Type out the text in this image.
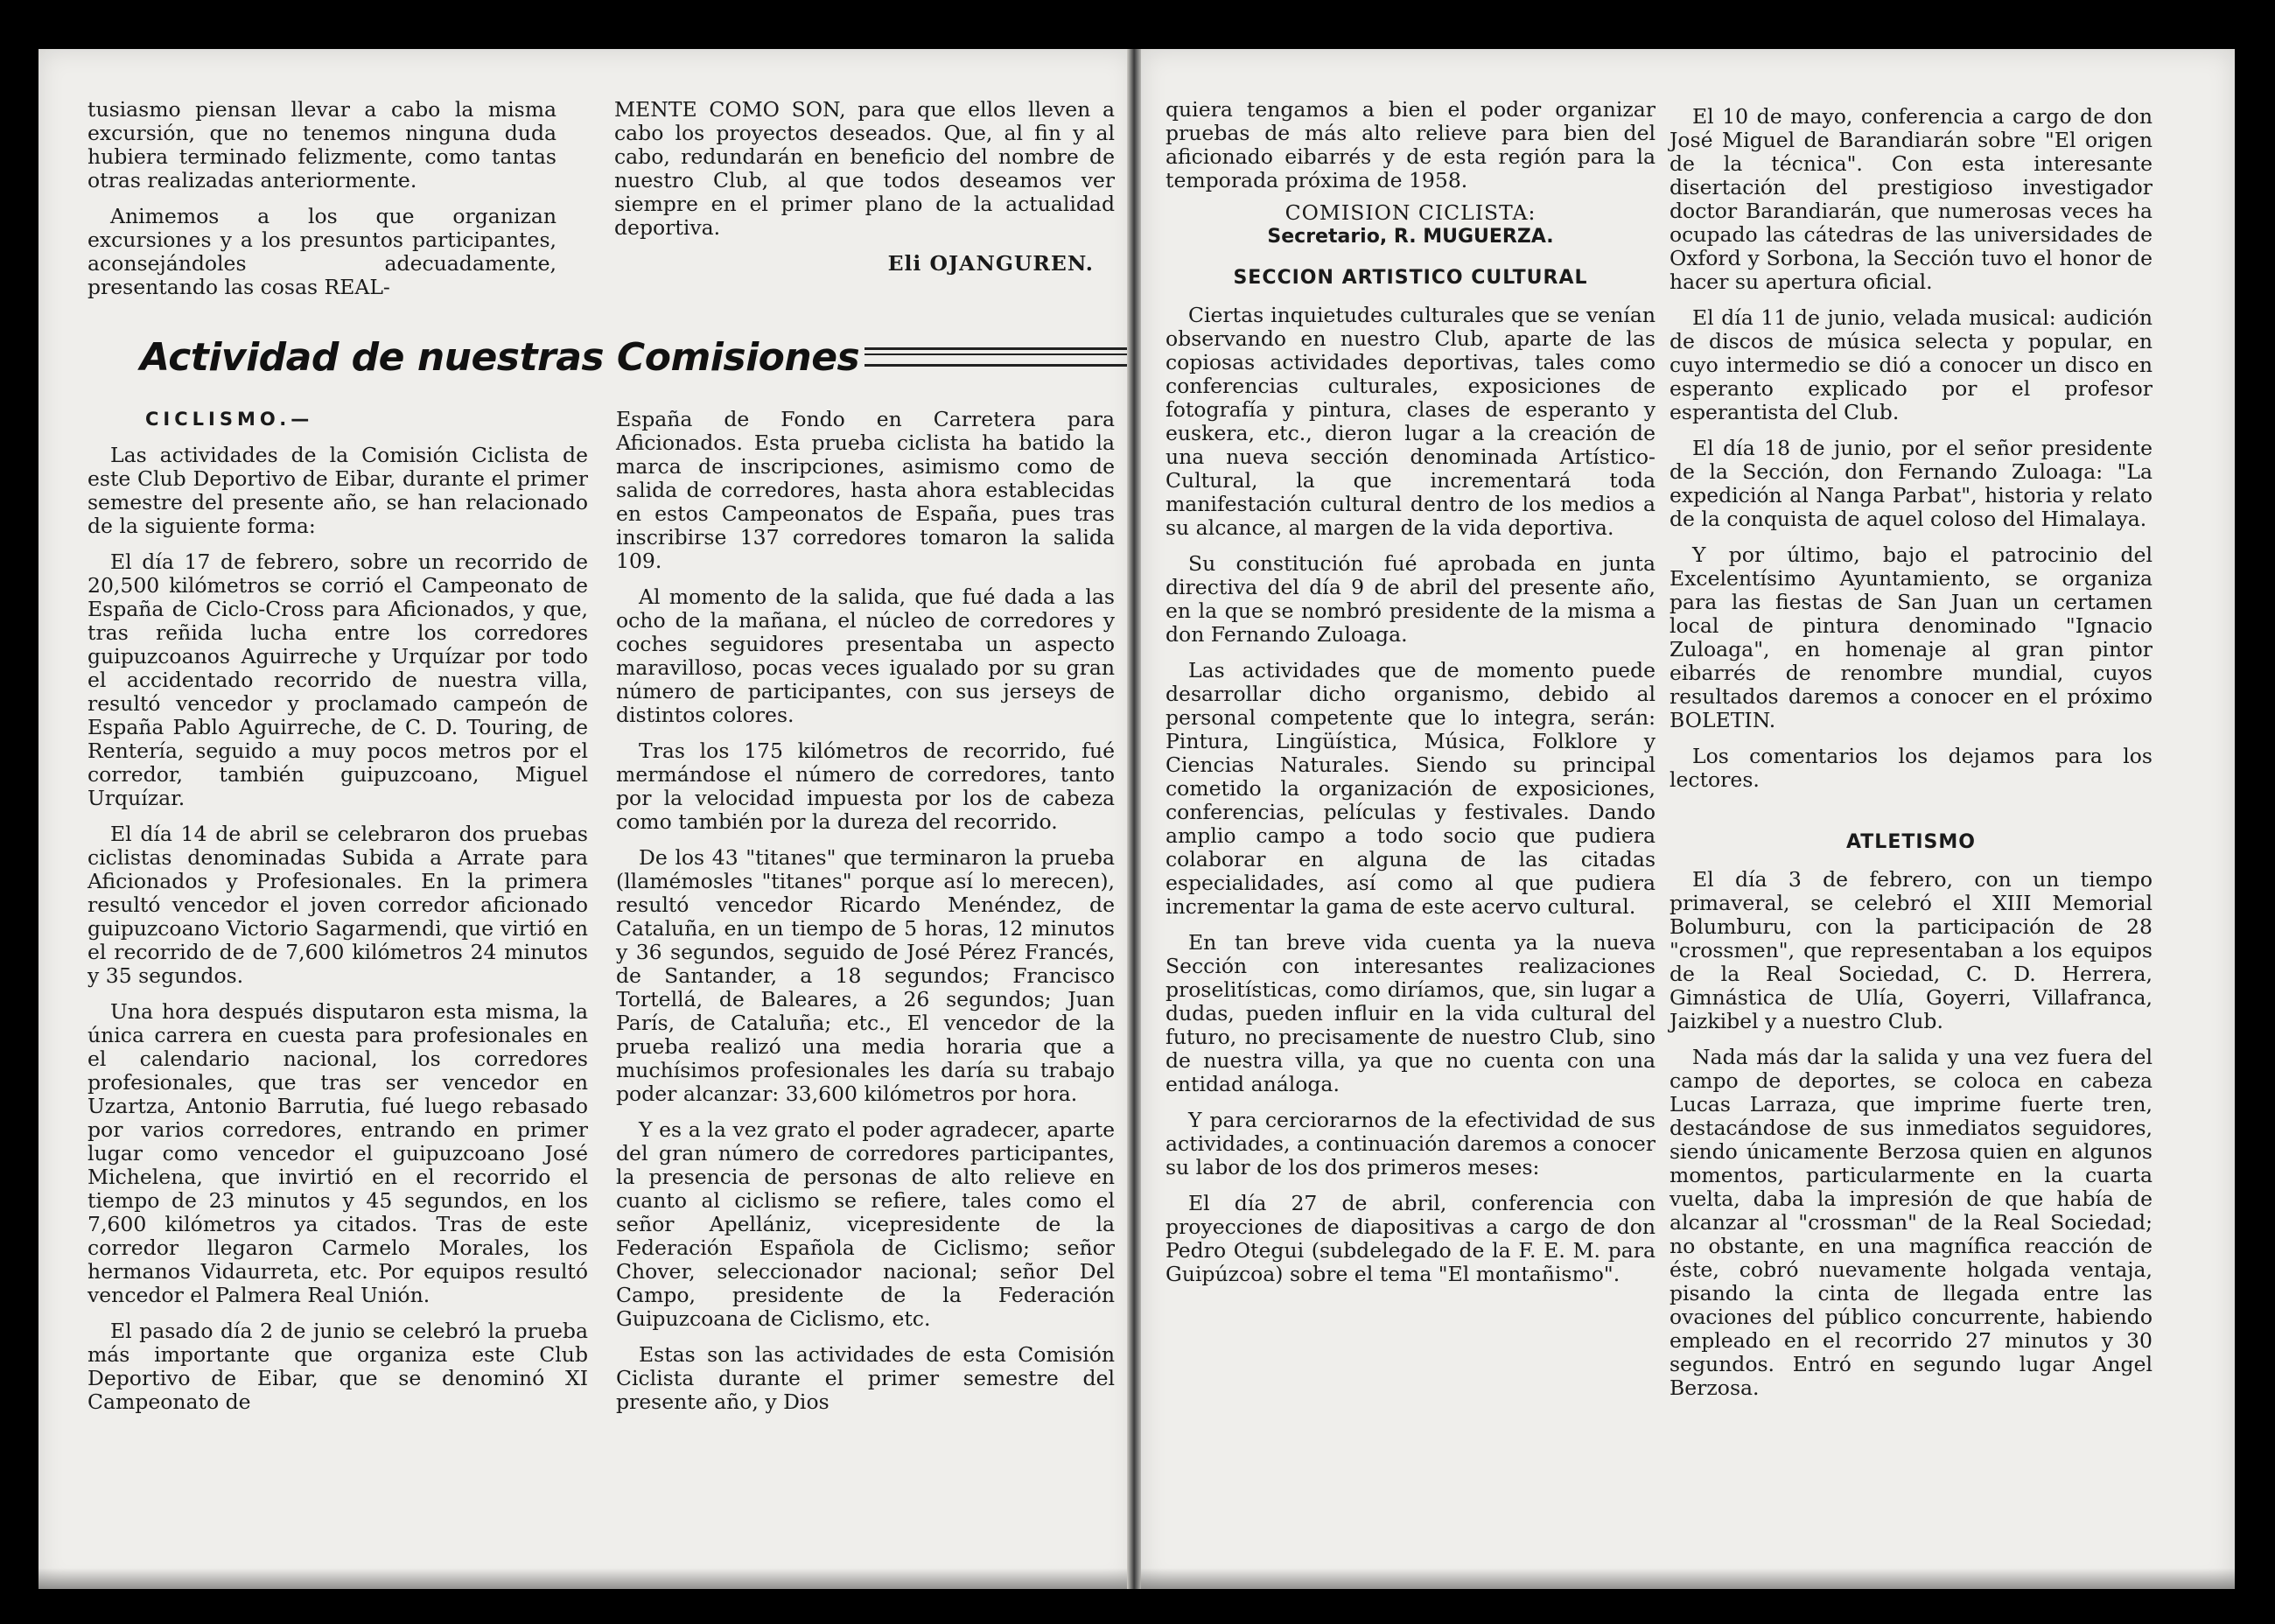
tusiasmo piensan llevar a cabo la misma excursión, que no tenemos ninguna duda hubiera terminado felizmente, como tantas otras realizadas anteriormente.

Animemos a los que organizan excursiones y a los presuntos participantes, aconsejándoles adecuadamente, presentando las cosas REAL-

MENTE COMO SON, para que ellos lleven a cabo los proyectos deseados. Que, al fin y al cabo, redundarán en beneficio del nombre de nuestro Club, al que todos deseamos ver siempre en el primer plano de la actualidad deportiva.

Eli OJANGUREN.
Actividad de nuestras Comisiones
CICLISMO.—

Las actividades de la Comisión Ciclista de este Club Deportivo de Eibar, durante el primer semestre del presente año, se han relacionado de la siguiente forma:

El día 17 de febrero, sobre un recorrido de 20,500 kilómetros se corrió el Campeonato de España de Ciclo-Cross para Aficionados, y que, tras reñida lucha entre los corredores guipuzcoanos Aguirreche y Urquízar por todo el accidentado recorrido de nuestra villa, resultó vencedor y proclamado campeón de España Pablo Aguirreche, de C. D. Touring, de Rentería, seguido a muy pocos metros por el corredor, también guipuzcoano, Miguel Urquízar.

El día 14 de abril se celebraron dos pruebas ciclistas denominadas Subida a Arrate para Aficionados y Profesionales. En la primera resultó vencedor el joven corredor aficionado guipuzcoano Victorio Sagarmendi, que virtió en el recorrido de de 7,600 kilómetros 24 minutos y 35 segundos.

Una hora después disputaron esta misma, la única carrera en cuesta para profesionales en el calendario nacional, los corredores profesionales, que tras ser vencedor en Uzartza, Antonio Barrutia, fué luego rebasado por varios corredores, entrando en primer lugar como vencedor el guipuzcoano José Michelena, que invirtió en el recorrido el tiempo de 23 minutos y 45 segundos, en los 7,600 kilómetros ya citados. Tras de este corredor llegaron Carmelo Morales, los hermanos Vidaurreta, etc. Por equipos resultó vencedor el Palmera Real Unión.

El pasado día 2 de junio se celebró la prueba más importante que organiza este Club Deportivo de Eibar, que se denominó XI Campeonato de

España de Fondo en Carretera para Aficionados. Esta prueba ciclista ha batido la marca de inscripciones, asimismo como de salida de corredores, hasta ahora establecidas en estos Campeonatos de España, pues tras inscribirse 137 corredores tomaron la salida 109.

Al momento de la salida, que fué dada a las ocho de la mañana, el núcleo de corredores y coches seguidores presentaba un aspecto maravilloso, pocas veces igualado por su gran número de participantes, con sus jerseys de distintos colores.

Tras los 175 kilómetros de recorrido, fué mermándose el número de corredores, tanto por la velocidad impuesta por los de cabeza como también por la dureza del recorrido.

De los 43 "titanes" que terminaron la prueba (llamémosles "titanes" porque así lo merecen), resultó vencedor Ricardo Menéndez, de Cataluña, en un tiempo de 5 horas, 12 minutos y 36 segundos, seguido de José Pérez Francés, de Santander, a 18 segundos; Francisco Tortellá, de Baleares, a 26 segundos; Juan París, de Cataluña; etc., El vencedor de la prueba realizó una media horaria que a muchísimos profesionales les daría su trabajo poder alcanzar: 33,600 kilómetros por hora.

Y es a la vez grato el poder agradecer, aparte del gran número de corredores participantes, la presencia de personas de alto relieve en cuanto al ciclismo se refiere, tales como el señor Apellániz, vicepresidente de la Federación Española de Ciclismo; señor Chover, seleccionador nacional; señor Del Campo, presidente de la Federación Guipuzcoana de Ciclismo, etc.

Estas son las actividades de esta Comisión Ciclista durante el primer semestre del presente año, y Dios

quiera tengamos a bien el poder organizar pruebas de más alto relieve para bien del aficionado eibarrés y de esta región para la temporada próxima de 1958.

COMISION CICLISTA:
Secretario, R. MUGUERZA.
SECCION ARTISTICO CULTURAL

Ciertas inquietudes culturales que se venían observando en nuestro Club, aparte de las copiosas actividades deportivas, tales como conferencias culturales, exposiciones de fotografía y pintura, clases de esperanto y euskera, etc., dieron lugar a la creación de una nueva sección denominada Artístico-Cultural, la que incrementará toda manifestación cultural dentro de los medios a su alcance, al margen de la vida deportiva.

Su constitución fué aprobada en junta directiva del día 9 de abril del presente año, en la que se nombró presidente de la misma a don Fernando Zuloaga.

Las actividades que de momento puede desarrollar dicho organismo, debido al personal competente que lo integra, serán: Pintura, Lingüística, Música, Folklore y Ciencias Naturales. Siendo su principal cometido la organización de exposiciones, conferencias, películas y festivales. Dando amplio campo a todo socio que pudiera colaborar en alguna de las citadas especialidades, así como al que pudiera incrementar la gama de este acervo cultural.

En tan breve vida cuenta ya la nueva Sección con interesantes realizaciones proselitísticas, como diríamos, que, sin lugar a dudas, pueden influir en la vida cultural del futuro, no precisamente de nuestro Club, sino de nuestra villa, ya que no cuenta con una entidad análoga.

Y para cerciorarnos de la efectividad de sus actividades, a continuación daremos a conocer su labor de los dos primeros meses:

El día 27 de abril, conferencia con proyecciones de diapositivas a cargo de don Pedro Otegui (subdelegado de la F. E. M. para Guipúzcoa) sobre el tema "El montañismo".

El 10 de mayo, conferencia a cargo de don José Miguel de Barandiarán sobre "El origen de la técnica". Con esta interesante disertación del prestigioso investigador doctor Barandiarán, que numerosas veces ha ocupado las cátedras de las universidades de Oxford y Sorbona, la Sección tuvo el honor de hacer su apertura oficial.

El día 11 de junio, velada musical: audición de discos de música selecta y popular, en cuyo intermedio se dió a conocer un disco en esperanto explicado por el profesor esperantista del Club.

El día 18 de junio, por el señor presidente de la Sección, don Fernando Zuloaga: "La expedición al Nanga Parbat", historia y relato de la conquista de aquel coloso del Himalaya.

Y por último, bajo el patrocinio del Excelentísimo Ayuntamiento, se organiza para las fiestas de San Juan un certamen local de pintura denominado "Ignacio Zuloaga", en homenaje al gran pintor eibarrés de renombre mundial, cuyos resultados daremos a conocer en el próximo BOLETIN.

Los comentarios los dejamos para los lectores.

ATLETISMO

El día 3 de febrero, con un tiempo primaveral, se celebró el XIII Memorial Bolumburu, con la participación de 28 "crossmen", que representaban a los equipos de la Real Sociedad, C. D. Herrera, Gimnástica de Ulía, Goyerri, Villafranca, Jaizkibel y a nuestro Club.

Nada más dar la salida y una vez fuera del campo de deportes, se coloca en cabeza Lucas Larraza, que imprime fuerte tren, destacándose de sus inmediatos seguidores, siendo únicamente Berzosa quien en algunos momentos, particularmente en la cuarta vuelta, daba la impresión de que había de alcanzar al "crossman" de la Real Sociedad; no obstante, en una magnífica reacción de éste, cobró nuevamente holgada ventaja, pisando la cinta de llegada entre las ovaciones del público concurrente, habiendo empleado en el recorrido 27 minutos y 30 segundos. Entró en segundo lugar Angel Berzosa.
